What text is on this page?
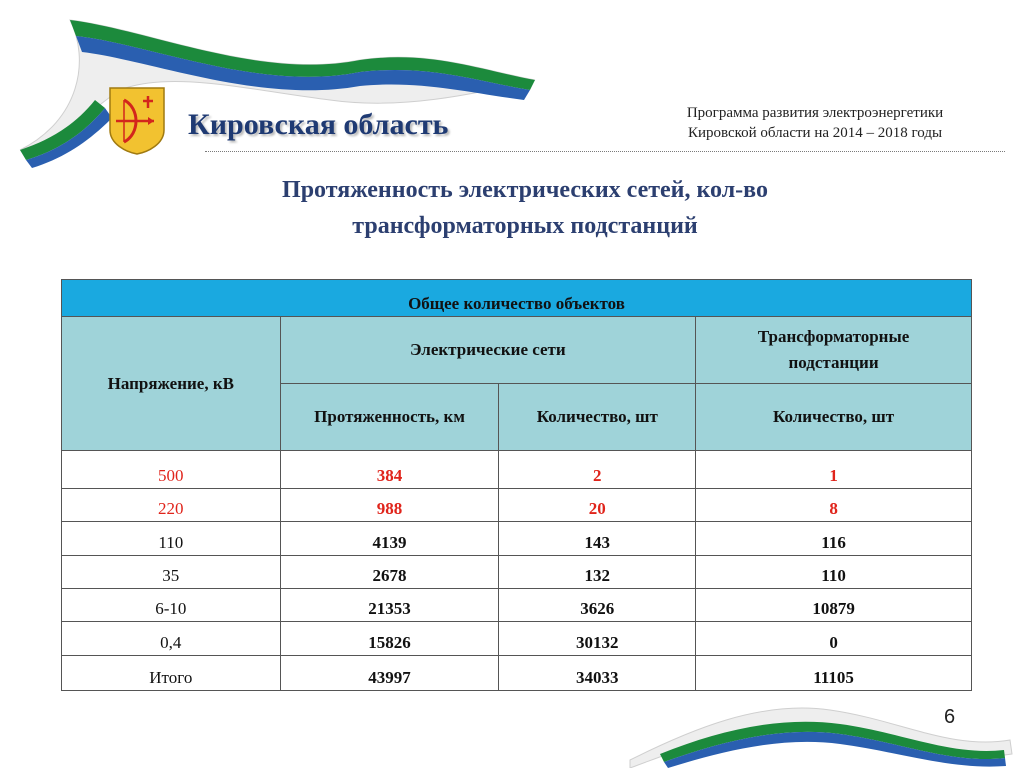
Кировская область	Программа развития электроэнергетики
Кировской области на 2014 – 2018 годы
Протяженность электрических сетей, кол-во
трансформаторных подстанций
Общее количество объектов			
Напряжение, кВ	Электрические сети		Трансформаторные подстанции
	Протяженность, км	Количество, шт	Количество, шт
500	384	2	1
220	988	20	8
110	4139	143	116
35	2678	132	110
6-10	21353	3626	10879
0,4	15826	30132	0
Итого	43997	34033	11105
6
